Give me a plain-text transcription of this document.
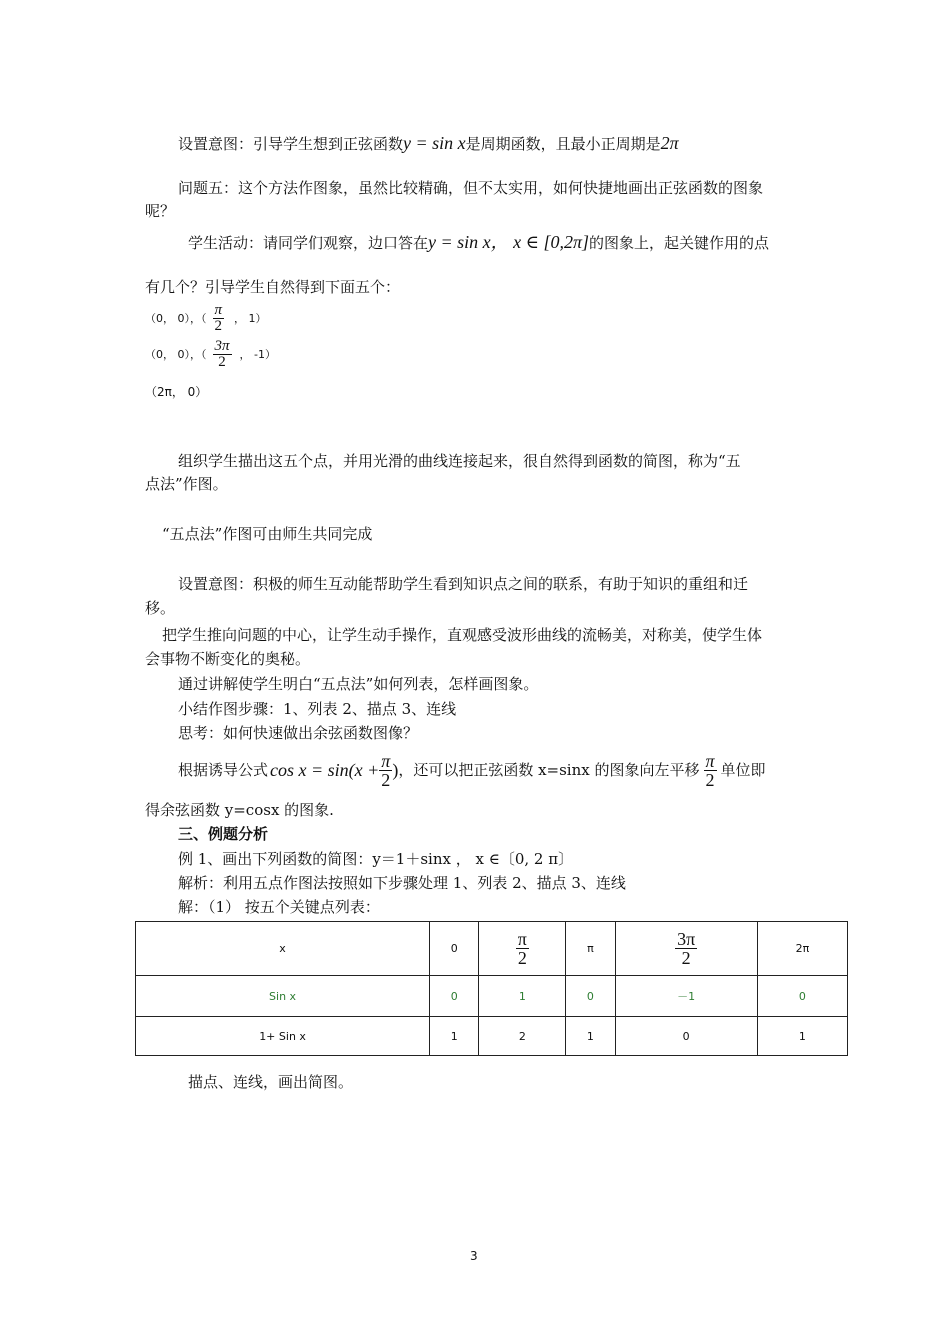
设置意图：引导学生想到正弦函数y = sin x是周期函数，且最小正周期是2π
问题五：这个方法作图象，虽然比较精确，但不太实用，如何快捷地画出正弦函数的图象
呢？
学生活动：请同学们观察，边口答在y = sin x， x ∈ [0,2π]的图象上，起关键作用的点
有几个？引导学生自然得到下面五个：
（0， 0），（ $\frac{\pi}{2}$ ， 1）
（0， 0），（ $\frac{3\pi}{2}$ ， -1）
（2π， 0）
组织学生描出这五个点，并用光滑的曲线连接起来，很自然得到函数的简图，称为“五
点法”作图。
“五点法”作图可由师生共同完成
设置意图：积极的师生互动能帮助学生看到知识点之间的联系，有助于知识的重组和迁
移。
把学生推向问题的中心，让学生动手操作，直观感受波形曲线的流畅美，对称美，使学生体
会事物不断变化的奥秘。
通过讲解使学生明白“五点法”如何列表，怎样画图象。
小结作图步骤：1、列表 2、描点 3、连线
思考：如何快速做出余弦函数图像？
根据诱导公式 $\cos x = \sin(x + \frac{\pi}{2}$ ) ，还可以把正弦函数 x=sinx 的图象向左平移 $\frac{\pi}{2}$ 单位即
得余弦函数 y=cosx 的图象.
三、例题分析
例 1、画出下列函数的简图：y＝1＋sinx ， x ∈〔0, 2 π〕
解析：利用五点作图法按照如下步骤处理 1、列表 2、描点 3、连线
解：（1） 按五个关键点列表：
x	0	$\frac{\pi}{2}$	π	$\frac{3\pi}{2}$	2π
Sin x	0	1	0	－1	0
1+ Sin x	1	2	1	0	1
描点、连线，画出简图。
3
